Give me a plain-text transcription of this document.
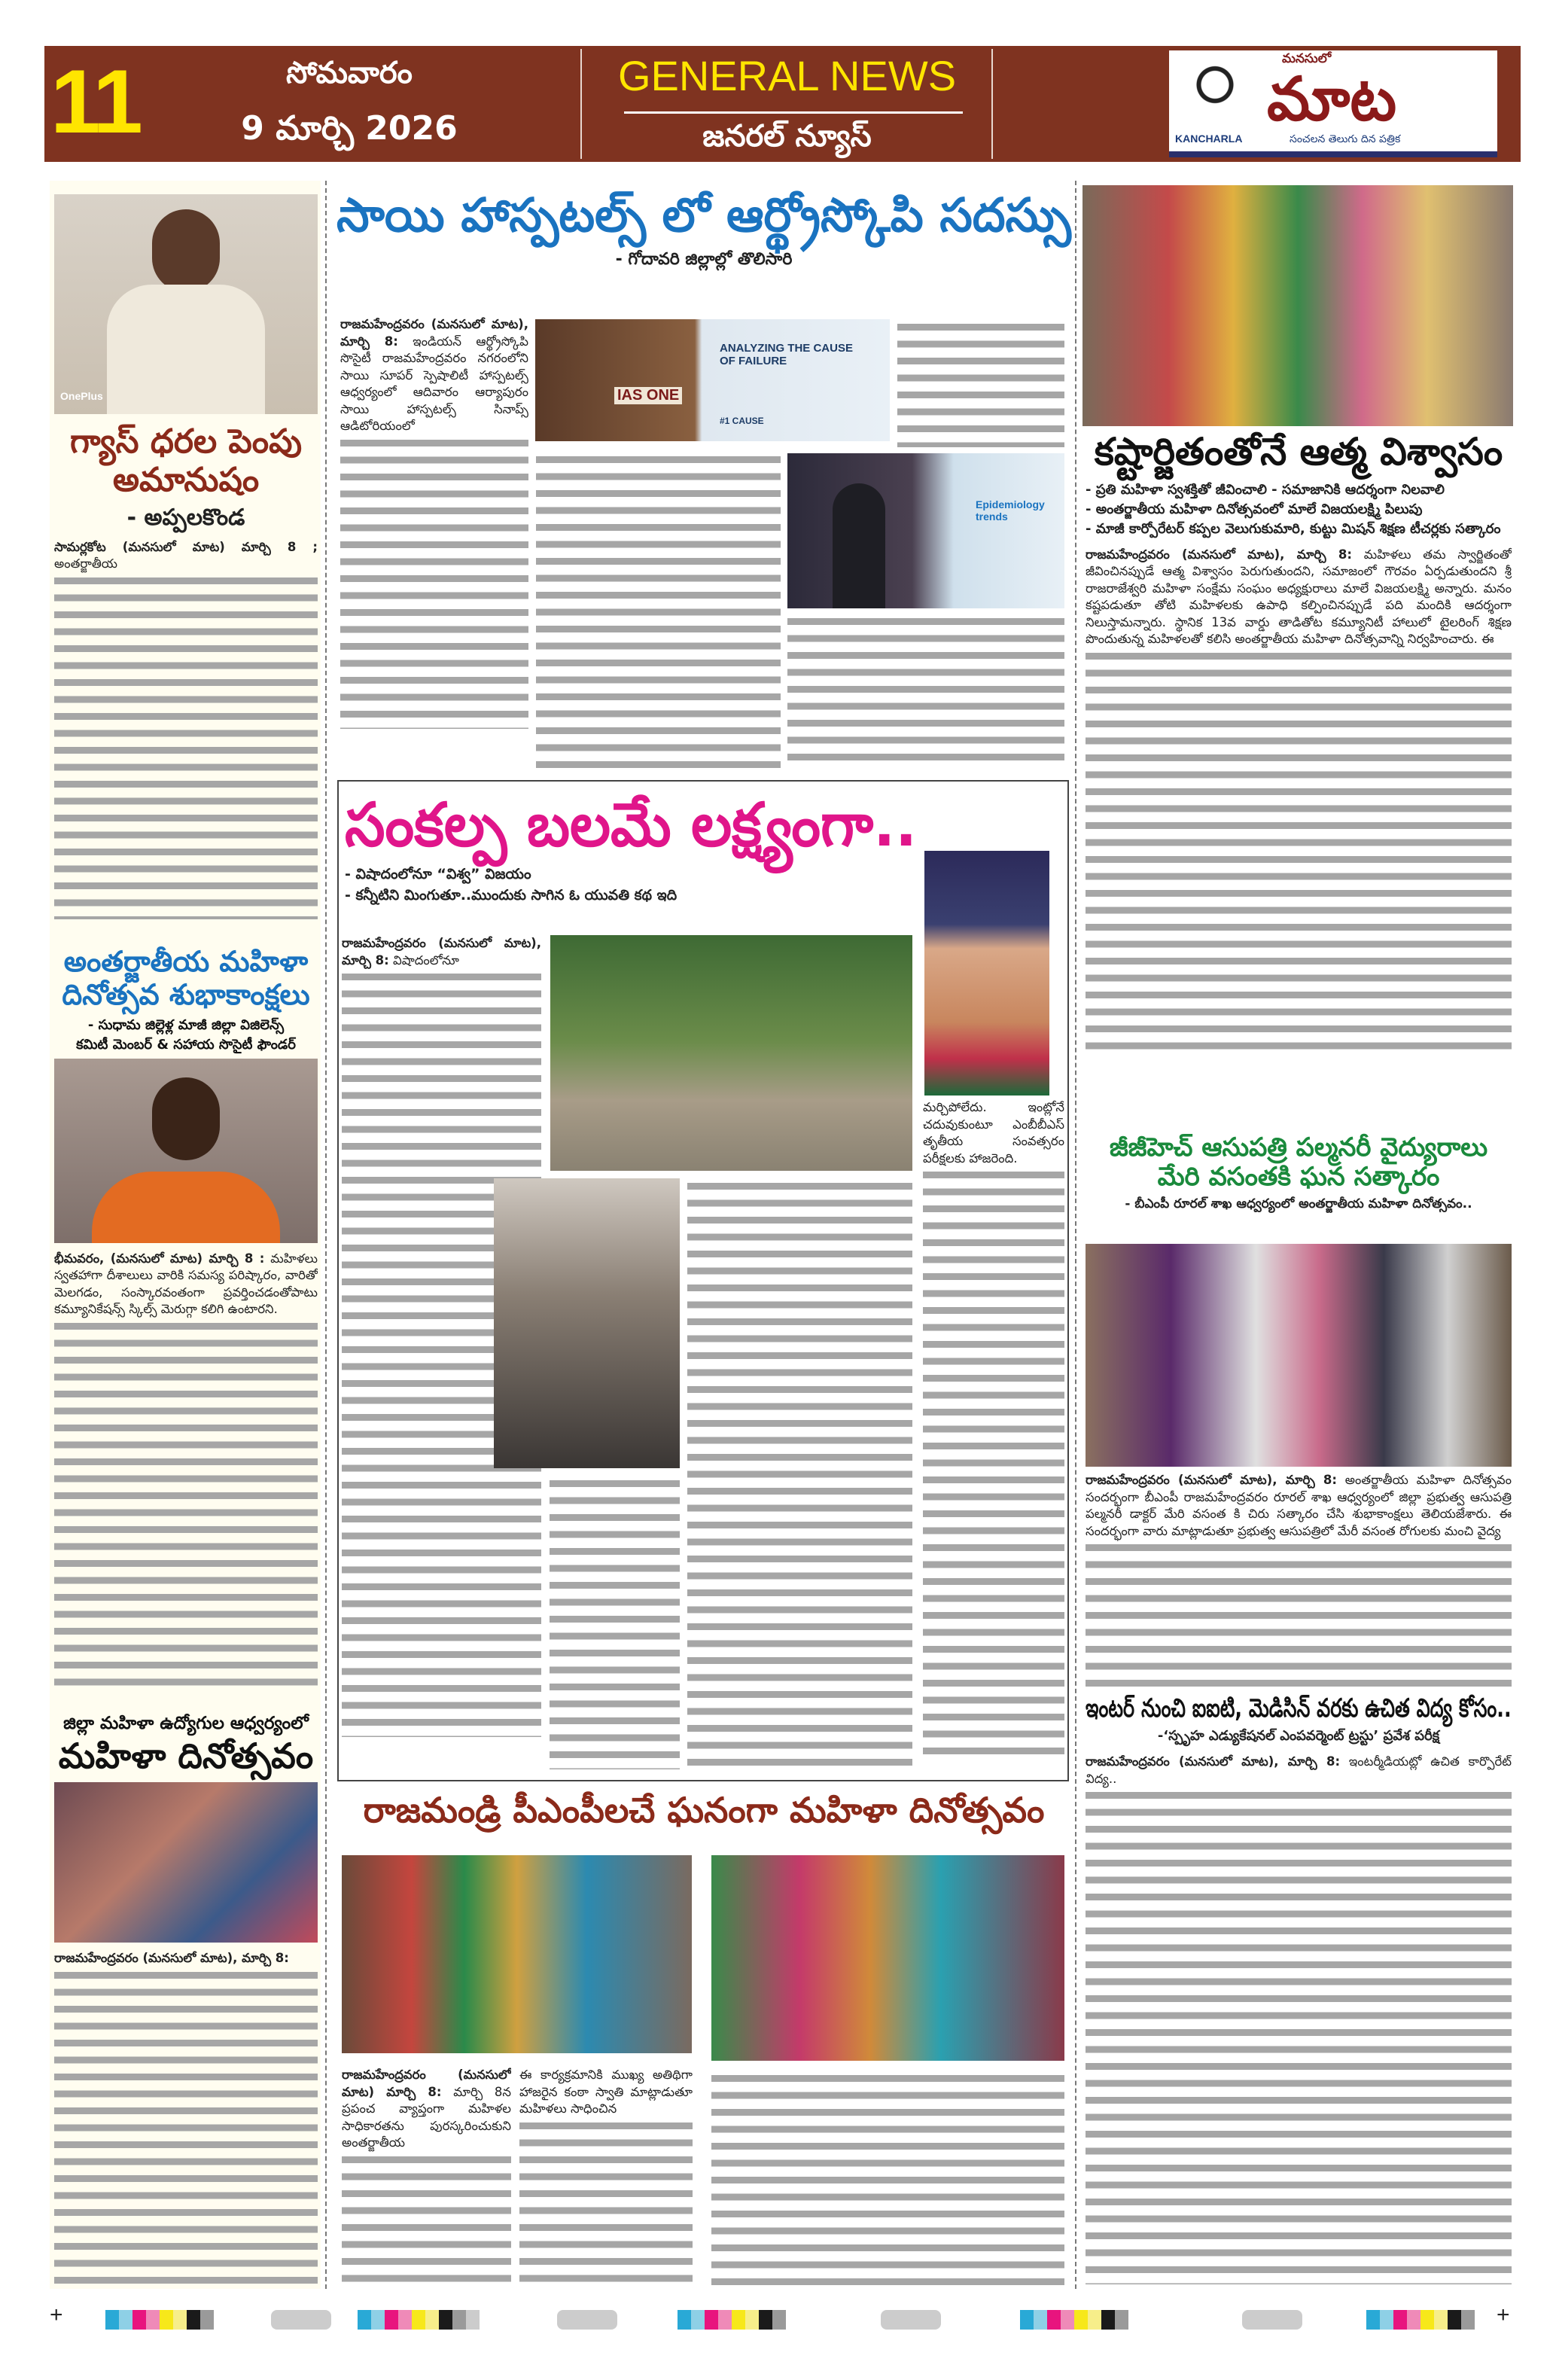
11	సోమవారం
9 మార్చి 2026
GENERAL NEWS
జనరల్ న్యూస్	KANCHARLA
మనసులో
మాట
సంచలన తెలుగు దిన పత్రిక
OnePlus
గ్యాస్ ధరల పెంపు
అమానుషం
- అప్పలకొండ
సామర్లకోట (మనసులో మాట) మార్చి 8 ; అంతర్జాతీయ
అంతర్జాతీయ మహిళా
దినోత్సవ శుభాకాంక్షలు
- సుధామ జిల్లెళ్ల మాజీ జిల్లా విజిలెన్స్
కమిటీ మెంబర్ & సహాయ సొసైటీ ఫౌండర్
భీమవరం, (మనసులో మాట) మార్చి 8 : మహిళలు స్వతహాగా దీశాలులు వారికి సమస్య పరిష్కారం, వారితో మెలగడం, సంస్కారవంతంగా ప్రవర్తించడంతోపాటు కమ్యూనికేషన్స్ స్కిల్స్ మెరుగ్గా కలిగి ఉంటారని.
జిల్లా మహిళా ఉద్యోగుల ఆధ్వర్యంలో
మహిళా దినోత్సవం
రాజమహేంద్రవరం (మనసులో మాట), మార్చి 8:
సాయి హాస్పటల్స్ లో ఆర్థ్రోస్కోపి సదస్సు
- గోదావరి జిల్లాల్లో తొలిసారి
రాజమహేంద్రవరం (మనసులో మాట), మార్చి 8: ఇండియన్ ఆర్థ్రోస్కోపి సొసైటీ రాజమహేంద్రవరం నగరంలోని సాయి సూపర్ స్పెషాలిటీ హాస్పటల్స్ ఆధ్వర్యంలో ఆదివారం ఆర్యాపురం సాయి హాస్పటల్స్ సినాప్స్ ఆడిటోరియంలో
IAS ONE
ANALYZING THE CAUSE OF FAILURE
#1 CAUSE
Epidemiology trends
సంకల్ప బలమే లక్ష్యంగా..
- విషాదంలోనూ “విశ్వ” విజయం
- కన్నీటిని మింగుతూ..ముందుకు సాగిన ఓ యువతి కథ ఇది
రాజమహేంద్రవరం (మనసులో మాట), మార్చి 8: విషాదంలోనూ
మర్చిపోలేదు. ఇంట్లోనే చదువుకుంటూ ఎంబీబీఎస్ తృతీయ సంవత్సరం పరీక్షలకు హాజరెంది.
రాజమండ్రి పీఎంపీలచే ఘనంగా మహిళా దినోత్సవం
రాజమహేంద్రవరం (మనసులో మాట) మార్చి 8: మార్చి 8న ప్రపంచ వ్యాప్తంగా మహిళల సాధికారతను పురస్కరించుకుని అంతర్జాతీయ
ఈ కార్యక్రమానికి ముఖ్య అతిథిగా హాజరైన కంఠా స్వాతి మాట్లాడుతూ మహిళలు సాధించిన
కష్టార్జితంతోనే ఆత్మ విశ్వాసం
- ప్రతి మహిళా స్వశక్తితో జీవించాలి - సమాజానికి ఆదర్శంగా నిలవాలి
- అంతర్జాతీయ మహిళా దినోత్సవంలో మాలే విజయలక్ష్మి పిలుపు
- మాజీ కార్పోరేటర్ కప్పల వెలుగుకుమారి, కుట్టు మిషన్ శిక్షణ టీచర్లకు సత్కారం
రాజమహేంద్రవరం (మనసులో మాట), మార్చి 8: మహిళలు తమ స్వార్జితంతో జీవించినప్పుడే ఆత్మ విశ్వాసం పెరుగుతుందని, సమాజంలో గౌరవం ఏర్పడుతుందని శ్రీ రాజరాజేశ్వరి మహిళా సంక్షేమ సంఘం అధ్యక్షురాలు మాలే విజయలక్ష్మి అన్నారు. మనం కష్టపడుతూ తోటి మహిళలకు ఉపాధి కల్పించినప్పుడే పది మందికి ఆదర్శంగా నిలుస్తామన్నారు. స్థానిక 13వ వార్డు తాడితోట కమ్యూనిటీ హాలులో టైలరింగ్ శిక్షణ పొందుతున్న మహిళలతో కలిసి అంతర్జాతీయ మహిళా దినోత్సవాన్ని నిర్వహించారు. ఈ
జీజీహెచ్ ఆసుపత్రి పల్మనరీ వైద్యురాలు
మేరి వసంతకి ఘన సత్కారం
- బీఎంపీ రూరల్ శాఖ ఆధ్వర్యంలో అంతర్జాతీయ మహిళా దినోత్సవం..
రాజమహేంద్రవరం (మనసులో మాట), మార్చి 8: అంతర్జాతీయ మహిళా దినోత్సవం సందర్భంగా బీఎంపీ రాజమహేంద్రవరం రూరల్ శాఖ ఆధ్వర్యంలో జిల్లా ప్రభుత్వ ఆసుపత్రి పల్మనరీ డాక్టర్ మేరి వసంత కి చిరు సత్కారం చేసి శుభాకాంక్షలు తెలియజేశారు. ఈ సందర్భంగా వారు మాట్లాడుతూ ప్రభుత్వ ఆసుపత్రిలో మేరీ వసంత రోగులకు మంచి వైద్య
ఇంటర్ నుంచి ఐఐటి, మెడిసిన్ వరకు ఉచిత విద్య కోసం..
-‘స్పృహ ఎడ్యుకేషనల్ ఎంపవర్మెంట్ ట్రస్టు’ ప్రవేశ పరీక్ష
రాజమహేంద్రవరం (మనసులో మాట), మార్చి 8: ఇంటర్మీడియట్లో ఉచిత కార్పొరేట్ విద్య..
+	+
